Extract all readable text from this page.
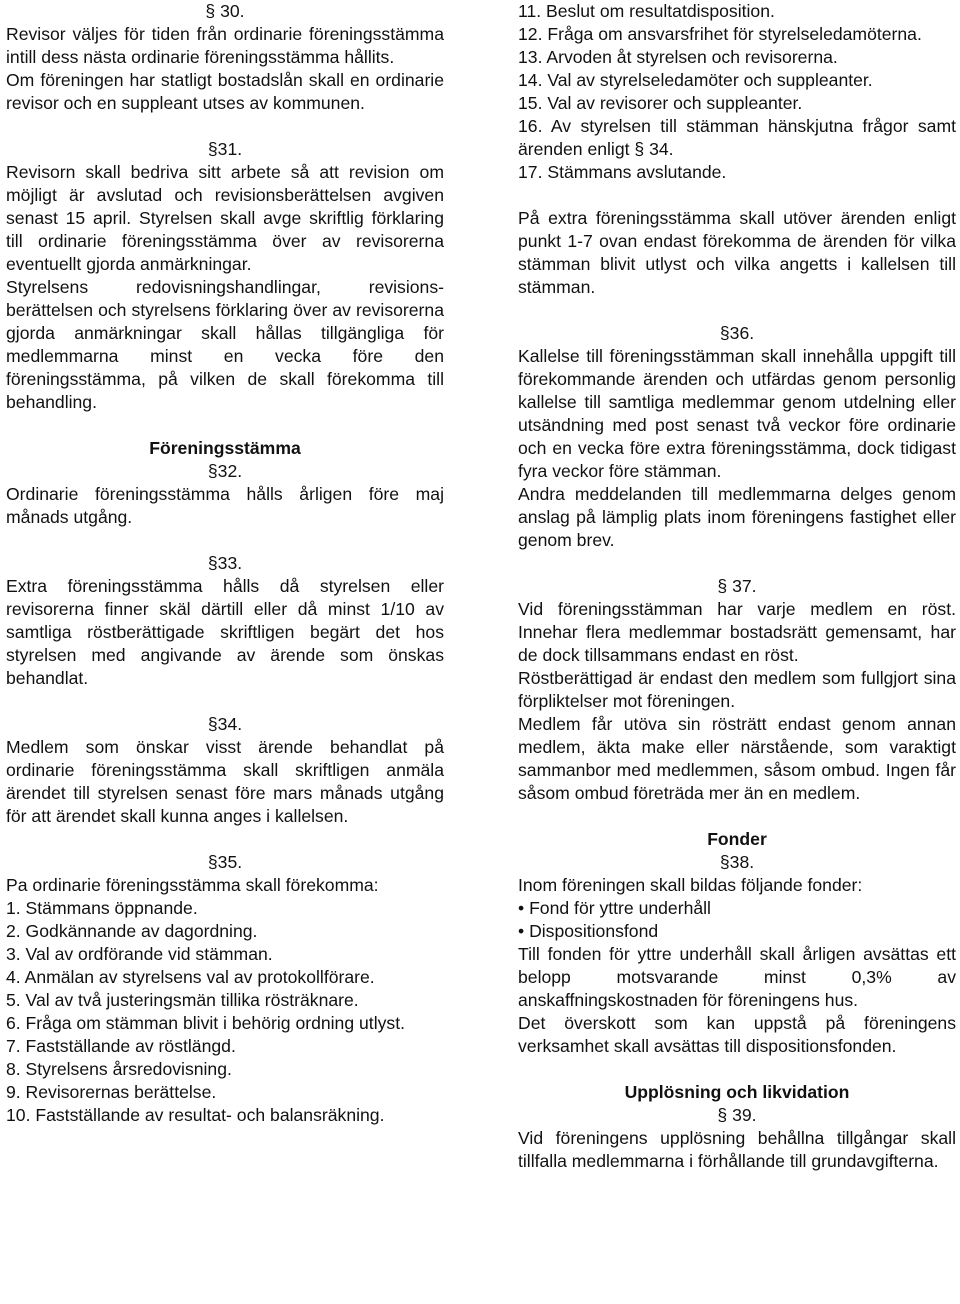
§ 30.

Revisor väljes för tiden från ordinarie föreningsstämma intill dess nästa ordinarie föreningsstämma hållits.

Om föreningen har statligt bostadslån skall en ordinarie revisor och en suppleant utses av kommunen.

§31.

Revisorn skall bedriva sitt arbete så att revision om möjligt är avslutad och revisionsberättelsen avgiven senast 15 april. Styrelsen skall avge skriftlig förklaring till ordinarie föreningsstämma över av revisorerna eventuellt gjorda anmärkningar.

Styrelsens redovisningshandlingar, revisions-berättelsen och styrelsens förklaring över av revisorerna gjorda anmärkningar skall hållas tillgängliga för medlemmarna minst en vecka före den föreningsstämma, på vilken de skall förekomma till behandling.

Föreningsstämma

§32.

Ordinarie föreningsstämma hålls årligen före maj månads utgång.

§33.

Extra föreningsstämma hålls då styrelsen eller revisorerna finner skäl därtill eller då minst 1/10 av samtliga röstberättigade skriftligen begärt det hos styrelsen med angivande av ärende som önskas behandlat.

§34.

Medlem som önskar visst ärende behandlat på ordinarie föreningsstämma skall skriftligen anmäla ärendet till styrelsen senast före mars månads utgång för att ärendet skall kunna anges i kallelsen.

§35.

Pa ordinarie föreningsstämma skall förekomma:

1. Stämmans öppnande.
2. Godkännande av dagordning.
3. Val av ordförande vid stämman.
4. Anmälan av styrelsens val av protokollförare.
5. Val av två justeringsmän tillika rösträknare.
6. Fråga om stämman blivit i behörig ordning utlyst.
7. Fastställande av röstlängd.
8. Styrelsens årsredovisning.
9. Revisorernas berättelse.
10. Fastställande av resultat- och balansräkning.
11. Beslut om resultatdisposition.
12. Fråga om ansvarsfrihet för styrelseledamöterna.
13. Arvoden åt styrelsen och revisorerna.
14. Val av styrelseledamöter och suppleanter.
15. Val av revisorer och suppleanter.
16. Av styrelsen till stämman hänskjutna frågor samt ärenden enligt § 34.
17. Stämmans avslutande.

På extra föreningsstämma skall utöver ärenden enligt punkt 1-7 ovan endast förekomma de ärenden för vilka stämman blivit utlyst och vilka angetts i kallelsen till stämman.

§36.

Kallelse till föreningsstämman skall innehålla uppgift till förekommande ärenden och utfärdas genom personlig kallelse till samtliga medlemmar genom utdelning eller utsändning med post senast två veckor före ordinarie och en vecka före extra föreningsstämma, dock tidigast fyra veckor före stämman.

Andra meddelanden till medlemmarna delges genom anslag på lämplig plats inom föreningens fastighet eller genom brev.

§ 37.

Vid föreningsstämman har varje medlem en röst. Innehar flera medlemmar bostadsrätt gemensamt, har de dock tillsammans endast en röst.

Röstberättigad är endast den medlem som fullgjort sina förpliktelser mot föreningen.

Medlem får utöva sin rösträtt endast genom annan medlem, äkta make eller närstående, som varaktigt sammanbor med medlemmen, såsom ombud. Ingen får såsom ombud företräda mer än en medlem.

Fonder

§38.

Inom föreningen skall bildas följande fonder:

• Fond för yttre underhåll
• Dispositionsfond

Till fonden för yttre underhåll skall årligen avsättas ett belopp motsvarande minst 0,3% av anskaffningskostnaden för föreningens hus.

Det överskott som kan uppstå på föreningens verksamhet skall avsättas till dispositionsfonden.

Upplösning och likvidation

§ 39.

Vid föreningens upplösning behållna tillgångar skall tillfalla medlemmarna i förhållande till grundavgifterna.
